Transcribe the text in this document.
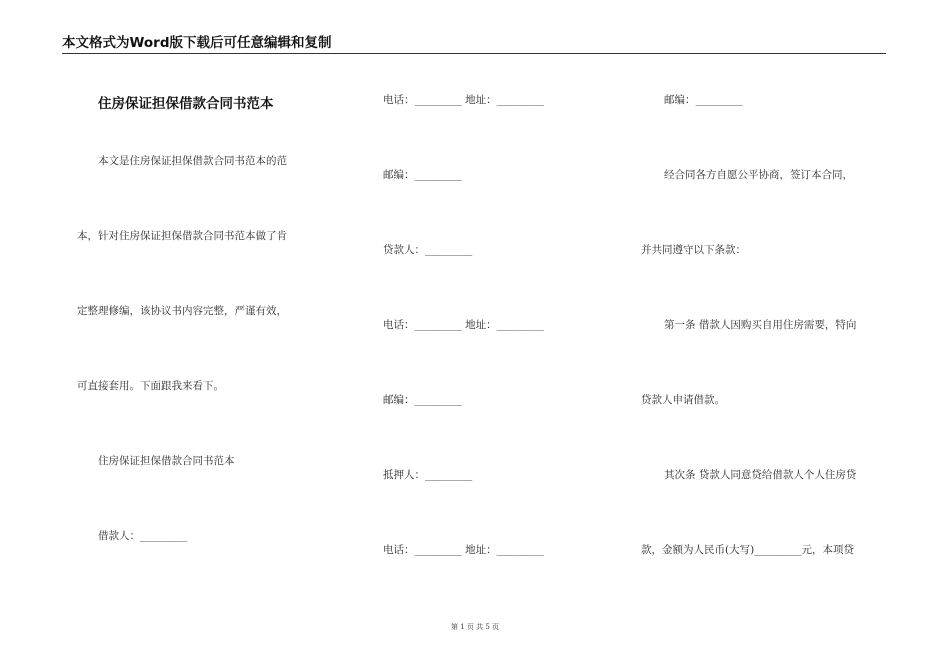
本文格式为Word版下载后可任意编辑和复制
住房保证担保借款合同书范本
本文是住房保证担保借款合同书范本的范
本，针对住房保证担保借款合同书范本做了肯
定整理修编，该协议书内容完整，严谨有效，
可直接套用。下面跟我来看下。
住房保证担保借款合同书范本
借款人：_________
电话：_________ 地址：_________
邮编：_________
贷款人：_________
电话：_________ 地址：_________
邮编：_________
抵押人：_________
电话：_________ 地址：_________
邮编：_________
经合同各方自愿公平协商，签订本合同，
并共同遵守以下条款：
第一条 借款人因购买自用住房需要，特向
贷款人申请借款。
其次条 贷款人同意贷给借款人个人住房贷
款，金额为人民币(大写)_________元，本项贷
第 1 页 共 5 页
